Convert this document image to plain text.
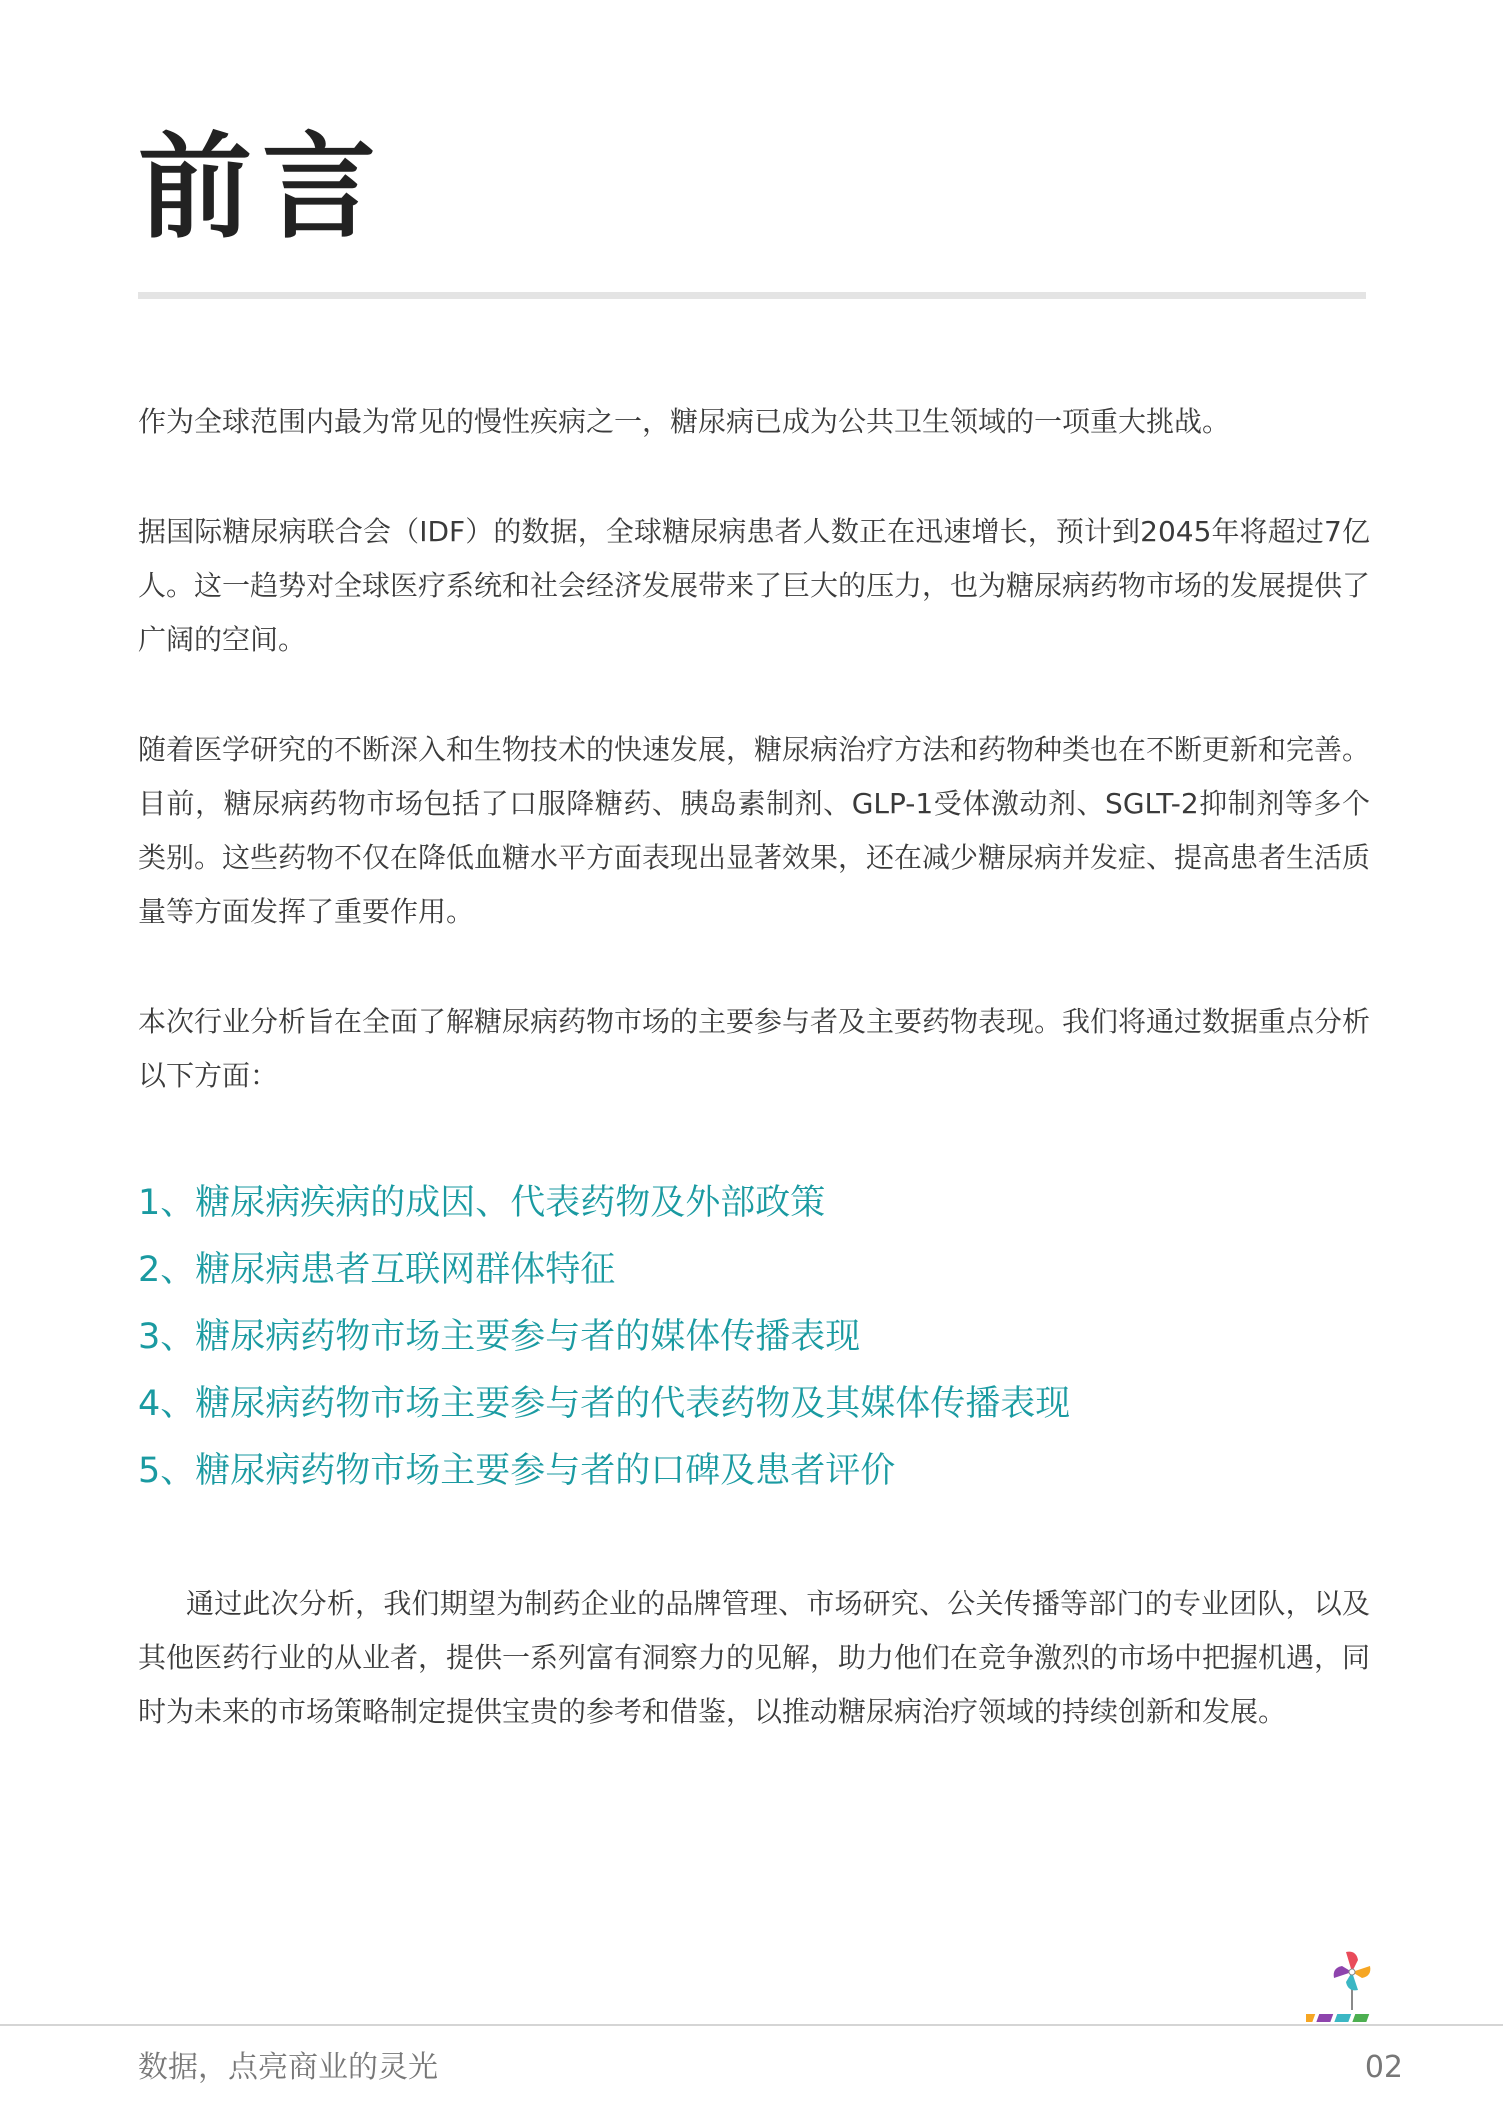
前言

作为全球范围内最为常见的慢性疾病之一，糖尿病已成为公共卫生领域的一项重大挑战。

据国际糖尿病联合会（IDF）的数据，全球糖尿病患者人数正在迅速增长，预计到2045年将超过7亿人。这一趋势对全球医疗系统和社会经济发展带来了巨大的压力，也为糖尿病药物市场的发展提供了广阔的空间。

随着医学研究的不断深入和生物技术的快速发展，糖尿病治疗方法和药物种类也在不断更新和完善。目前，糖尿病药物市场包括了口服降糖药、胰岛素制剂、GLP-1受体激动剂、SGLT-2抑制剂等多个类别。这些药物不仅在降低血糖水平方面表现出显著效果，还在减少糖尿病并发症、提高患者生活质量等方面发挥了重要作用。

本次行业分析旨在全面了解糖尿病药物市场的主要参与者及主要药物表现。我们将通过数据重点分析以下方面：

1、糖尿病疾病的成因、代表药物及外部政策
2、糖尿病患者互联网群体特征
3、糖尿病药物市场主要参与者的媒体传播表现
4、糖尿病药物市场主要参与者的代表药物及其媒体传播表现
5、糖尿病药物市场主要参与者的口碑及患者评价

通过此次分析，我们期望为制药企业的品牌管理、市场研究、公关传播等部门的专业团队，以及其他医药行业的从业者，提供一系列富有洞察力的见解，助力他们在竞争激烈的市场中把握机遇，同时为未来的市场策略制定提供宝贵的参考和借鉴，以推动糖尿病治疗领域的持续创新和发展。

数据，点亮商业的灵光	02
